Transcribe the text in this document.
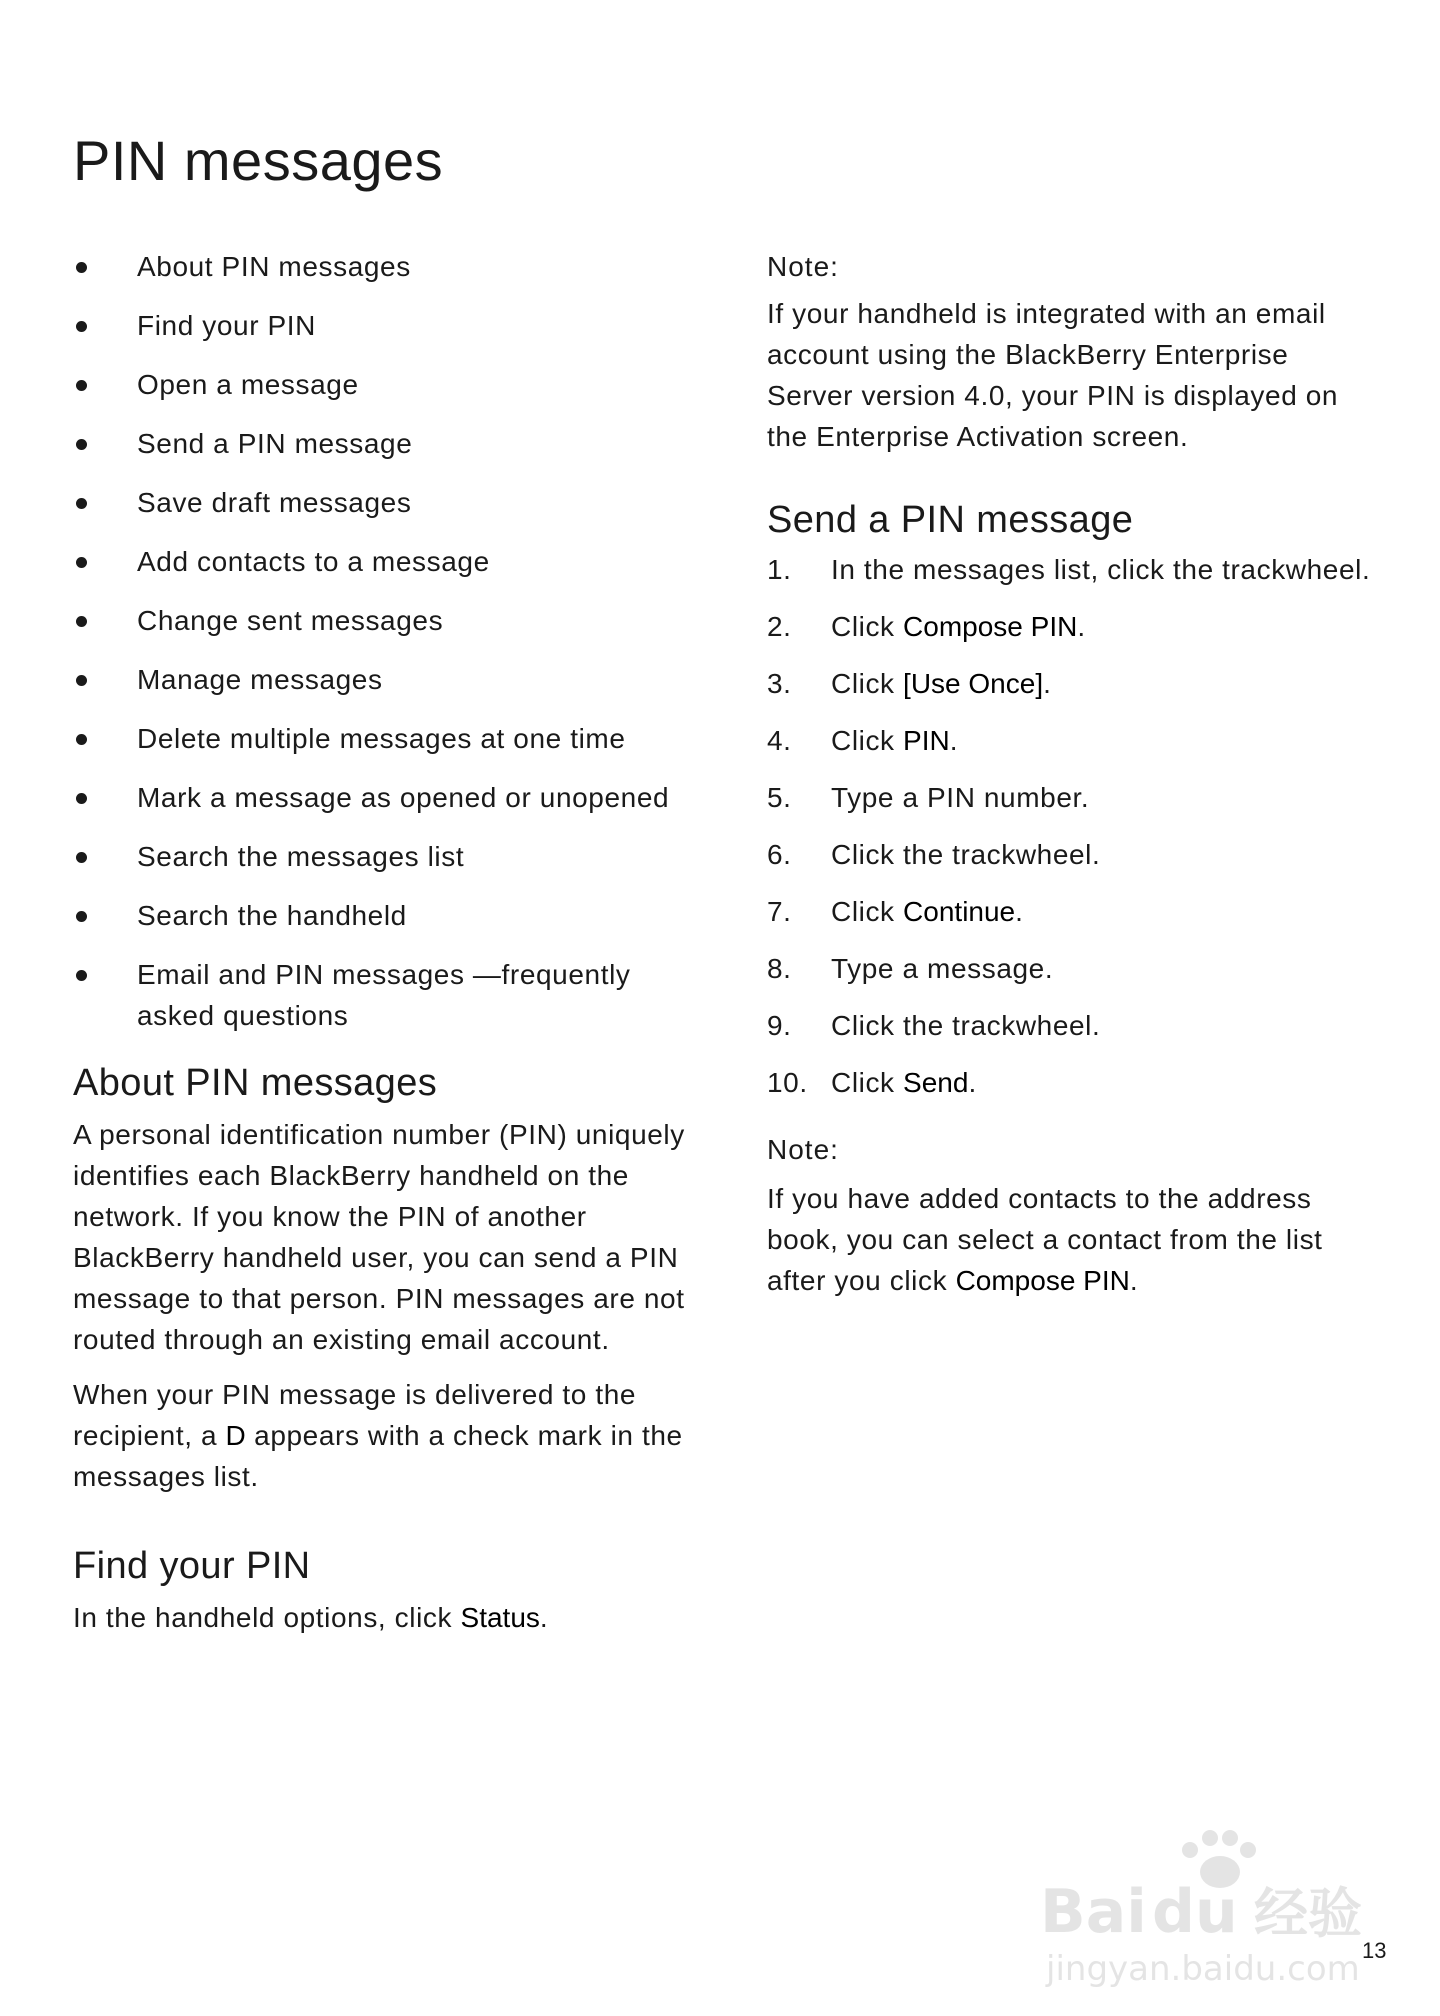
PIN messages
About PIN messages
Find your PIN
Open a message
Send a PIN message
Save draft messages
Add contacts to a message
Change sent messages
Manage messages
Delete multiple messages at one time
Mark a message as opened or unopened
Search the messages list
Search the handheld
Email and PIN messages —frequently asked questions
About PIN messages

A personal identification number (PIN) uniquely identifies each BlackBerry handheld on the network. If you know the PIN of another BlackBerry handheld user, you can send a PIN message to that person. PIN messages are not routed through an existing email account.

When your PIN message is delivered to the recipient, a D appears with a check mark in the messages list.

Find your PIN

In the handheld options, click Status.

Note:

If your handheld is integrated with an email account using the BlackBerry Enterprise Server version 4.0, your PIN is displayed on the Enterprise Activation screen.

Send a PIN message
1.	In the messages list, click the trackwheel.
2.	Click Compose PIN.
3.	Click [Use Once].
4.	Click PIN.
5.	Type a PIN number.
6.	Click the trackwheel.
7.	Click Continue.
8.	Type a message.
9.	Click the trackwheel.
10. Click Send.
Note:

If you have added contacts to the address book, you can select a contact from the list after you click Compose PIN.

Bai du 经验
jingyan.baidu.com 13
